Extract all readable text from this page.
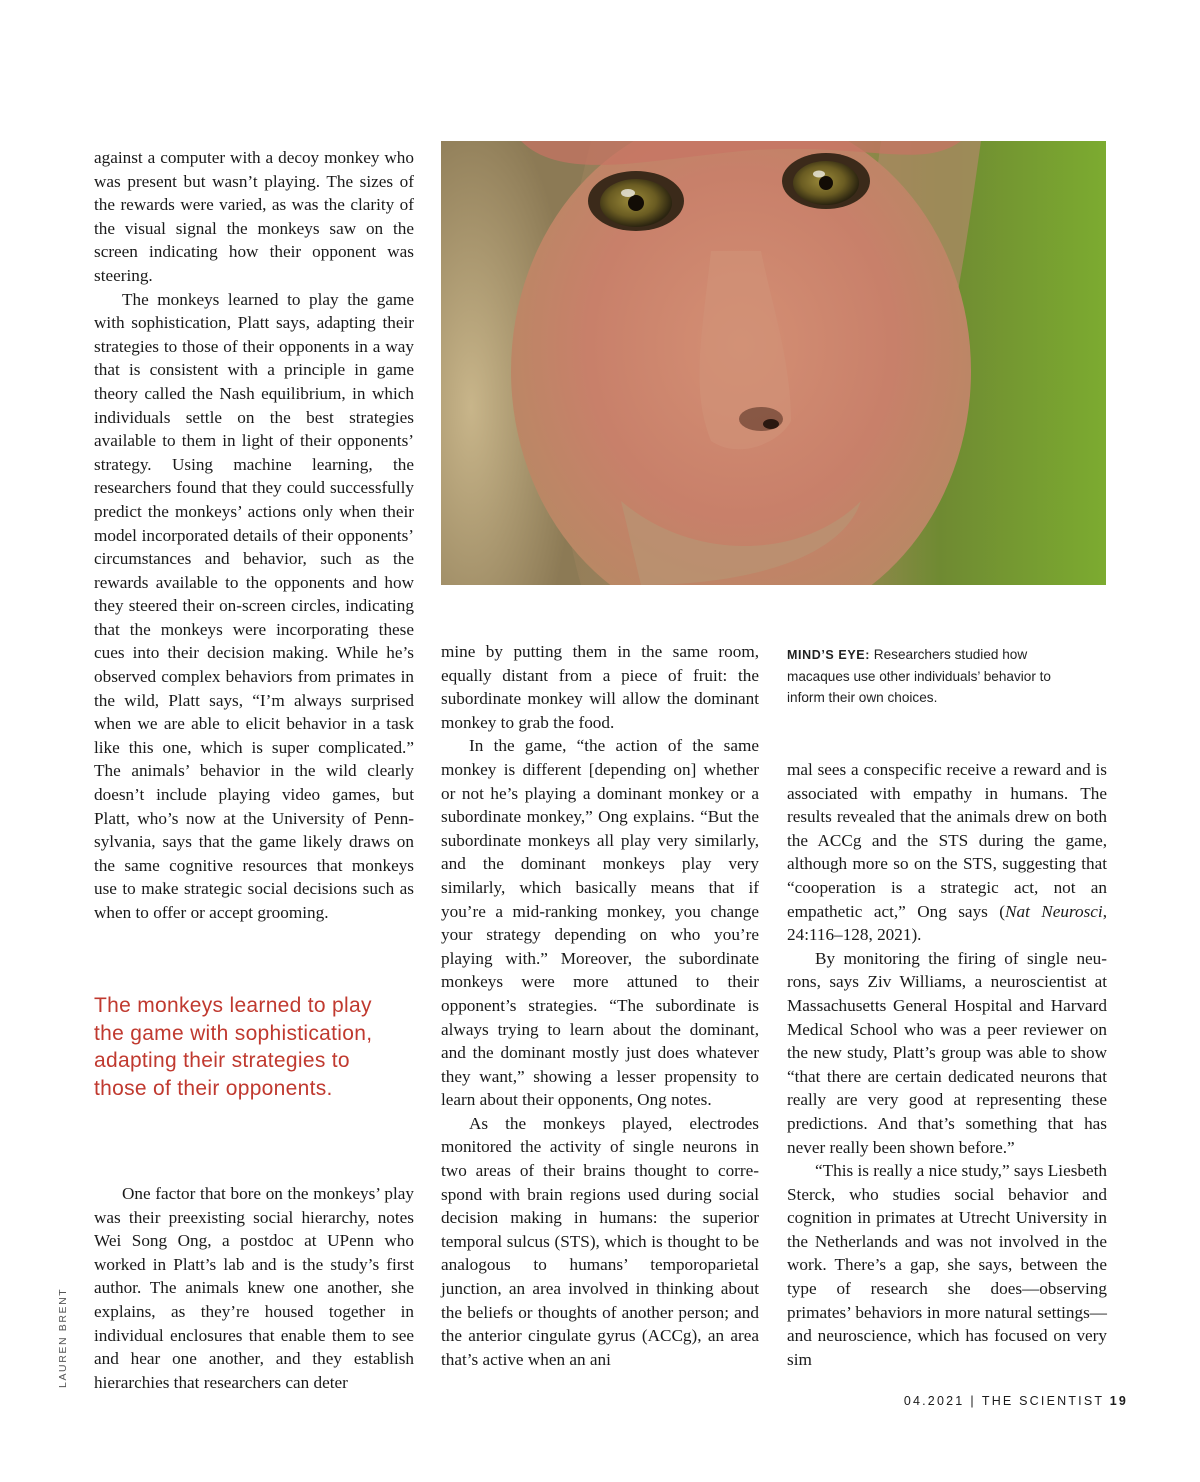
against a computer with a decoy monkey who was present but wasn’t playing. The sizes of the rewards were varied, as was the clarity of the visual signal the monkeys saw on the screen indicating how their opponent was steering.

The monkeys learned to play the game with sophistication, Platt says, adapting their strategies to those of their opponents in a way that is consistent with a principle in game theory called the Nash equilibrium, in which individuals settle on the best strategies available to them in light of their opponents’ strategy. Using machine learning, the researchers found that they could successfully predict the monkeys’ actions only when their model incorporated details of their opponents’ circumstances and behavior, such as the rewards available to the opponents and how they steered their on-screen circles, indicating that the monkeys were incorporating these cues into their decision making. While he’s observed complex behaviors from primates in the wild, Platt says, “I’m always surprised when we are able to elicit behavior in a task like this one, which is super complicated.” The animals’ behavior in the wild clearly doesn’t include playing video games, but Platt, who’s now at the University of Pennsylvania, says that the game likely draws on the same cognitive resources that monkeys use to make strategic social decisions such as when to offer or accept grooming.

The monkeys learned to play the game with sophistication, adapting their strategies to those of their opponents.

One factor that bore on the monkeys’ play was their preexisting social hierarchy, notes Wei Song Ong, a postdoc at UPenn who worked in Platt’s lab and is the study’s first author. The animals knew one another, she explains, as they’re housed together in individual enclosures that enable them to see and hear one another, and they establish hierarchies that researchers can deter

mine by putting them in the same room, equally distant from a piece of fruit: the subordinate monkey will allow the dominant monkey to grab the food.

In the game, “the action of the same monkey is different [depending on] whether or not he’s playing a dominant monkey or a subordinate monkey,” Ong explains. “But the subordinate monkeys all play very similarly, and the dominant monkeys play very similarly, which basically means that if you’re a mid-ranking monkey, you change your strategy depending on who you’re playing with.” Moreover, the subordinate monkeys were more attuned to their opponent’s strategies. “The subordinate is always trying to learn about the dominant, and the dominant mostly just does whatever they want,” showing a lesser propensity to learn about their opponents, Ong notes.

As the monkeys played, electrodes monitored the activity of single neurons in two areas of their brains thought to correspond with brain regions used during social decision making in humans: the superior temporal sulcus (STS), which is thought to be analogous to humans’ temporoparietal junction, an area involved in thinking about the beliefs or thoughts of another person; and the anterior cingulate gyrus (ACCg), an area that’s active when an ani

MIND’S EYE: Researchers studied how macaques use other individuals’ behavior to inform their own choices.

mal sees a conspecific receive a reward and is associated with empathy in humans. The results revealed that the animals drew on both the ACCg and the STS during the game, although more so on the STS, suggesting that “cooperation is a strategic act, not an empathetic act,” Ong says (Nat Neurosci, 24:116–128, 2021).

By monitoring the firing of single neurons, says Ziv Williams, a neuroscientist at Massachusetts General Hospital and Harvard Medical School who was a peer reviewer on the new study, Platt’s group was able to show “that there are certain dedicated neurons that really are very good at representing these predictions. And that’s something that has never really been shown before.”

“This is really a nice study,” says Liesbeth Sterck, who studies social behavior and cognition in primates at Utrecht University in the Netherlands and was not involved in the work. There’s a gap, she says, between the type of research she does—observing primates’ behaviors in more natural settings—and neuroscience, which has focused on very sim

LAUREN BRENT
04.2021 | THE SCIENTIST 19
